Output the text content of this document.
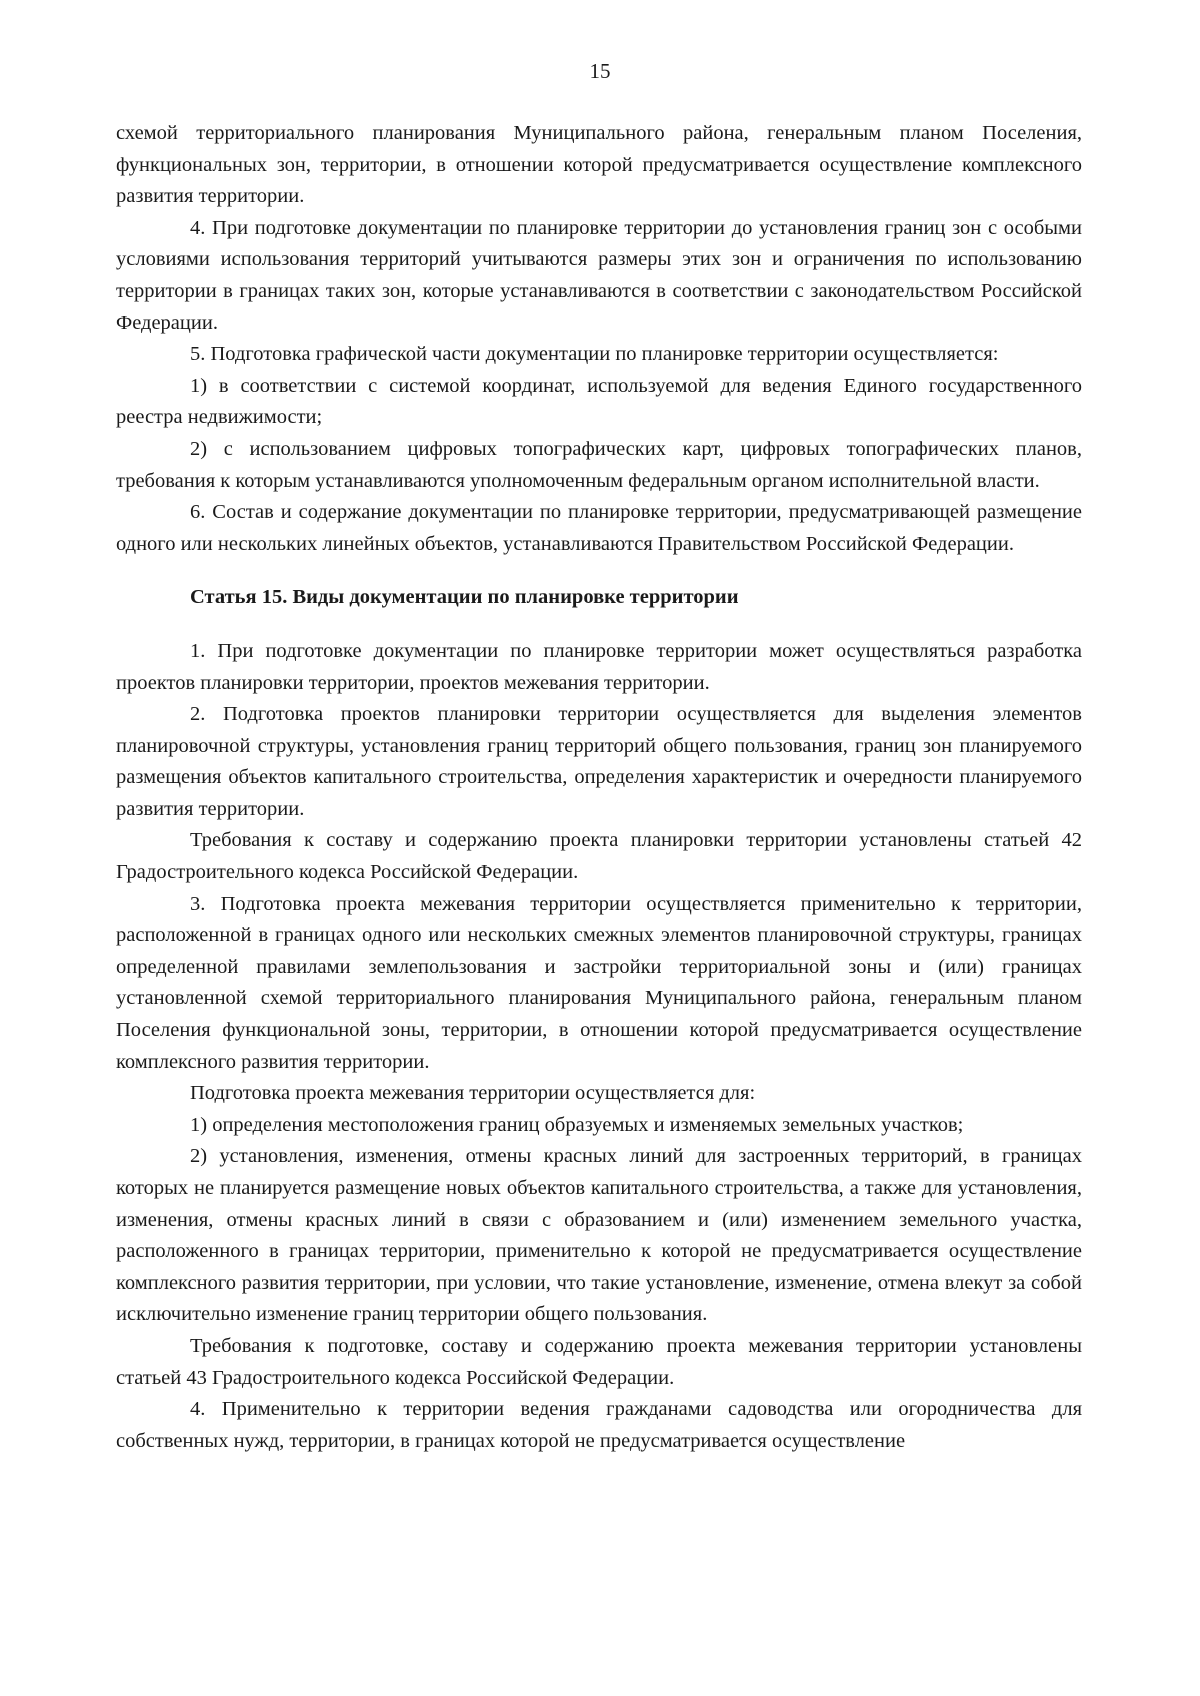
15

схемой территориального планирования Муниципального района, генеральным планом Поселения, функциональных зон, территории, в отношении которой предусматривается осуществление комплексного развития территории.

4. При подготовке документации по планировке территории до установления границ зон с особыми условиями использования территорий учитываются размеры этих зон и ограничения по использованию территории в границах таких зон, которые устанавливаются в соответствии с законодательством Российской Федерации.

5. Подготовка графической части документации по планировке территории осуществляется:

1) в соответствии с системой координат, используемой для ведения Единого государственного реестра недвижимости;

2) с использованием цифровых топографических карт, цифровых топографических планов, требования к которым устанавливаются уполномоченным федеральным органом исполнительной власти.

6. Состав и содержание документации по планировке территории, предусматривающей размещение одного или нескольких линейных объектов, устанавливаются Правительством Российской Федерации.

Статья 15. Виды документации по планировке территории

1. При подготовке документации по планировке территории может осуществляться разработка проектов планировки территории, проектов межевания территории.

2. Подготовка проектов планировки территории осуществляется для выделения элементов планировочной структуры, установления границ территорий общего пользования, границ зон планируемого размещения объектов капитального строительства, определения характеристик и очередности планируемого развития территории.

Требования к составу и содержанию проекта планировки территории установлены статьей 42 Градостроительного кодекса Российской Федерации.

3. Подготовка проекта межевания территории осуществляется применительно к территории, расположенной в границах одного или нескольких смежных элементов планировочной структуры, границах определенной правилами землепользования и застройки территориальной зоны и (или) границах установленной схемой территориального планирования Муниципального района, генеральным планом Поселения функциональной зоны, территории, в отношении которой предусматривается осуществление комплексного развития территории.

Подготовка проекта межевания территории осуществляется для:

1) определения местоположения границ образуемых и изменяемых земельных участков;

2) установления, изменения, отмены красных линий для застроенных территорий, в границах которых не планируется размещение новых объектов капитального строительства, а также для установления, изменения, отмены красных линий в связи с образованием и (или) изменением земельного участка, расположенного в границах территории, применительно к которой не предусматривается осуществление комплексного развития территории, при условии, что такие установление, изменение, отмена влекут за собой исключительно изменение границ территории общего пользования.

Требования к подготовке, составу и содержанию проекта межевания территории установлены статьей 43 Градостроительного кодекса Российской Федерации.

4. Применительно к территории ведения гражданами садоводства или огородничества для собственных нужд, территории, в границах которой не предусматривается осуществление
